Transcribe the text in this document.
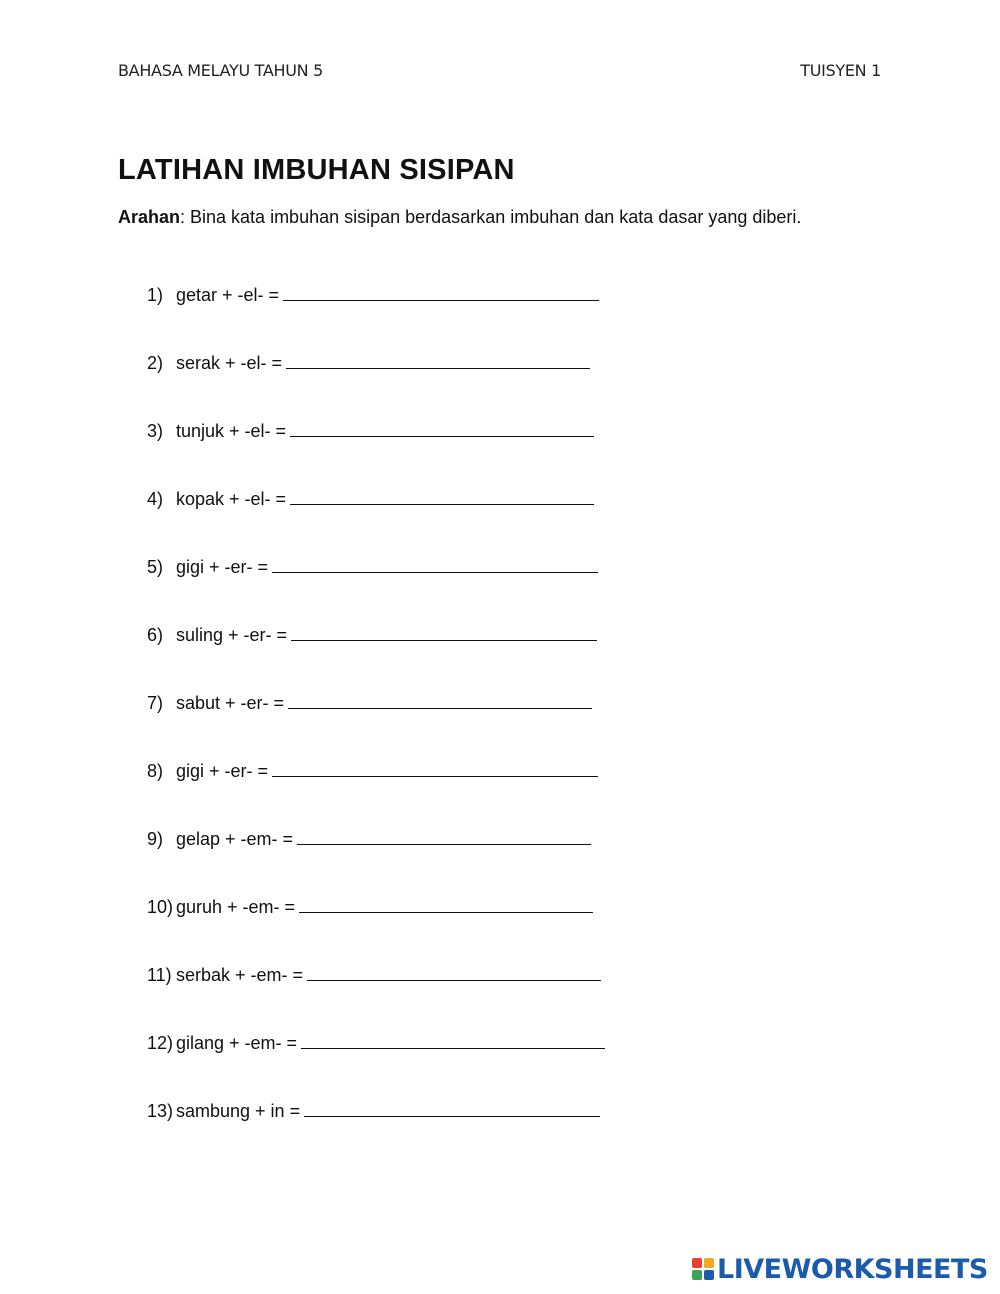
BAHASA MELAYU TAHUN 5	TUISYEN 1
LATIHAN IMBUHAN SISIPAN
Arahan: Bina kata imbuhan sisipan berdasarkan imbuhan dan kata dasar yang diberi.
1) getar + -el- =
2) serak + -el- =
3) tunjuk + -el- =
4) kopak + -el- =
5) gigi + -er- =
6) suling + -er- =
7) sabut + -er- =
8) gigi + -er- =
9) gelap + -em- =
10) guruh + -em- =
11) serbak + -em- =
12) gilang + -em- =
13) sambung + in =
LIVEWORKSHEETS
